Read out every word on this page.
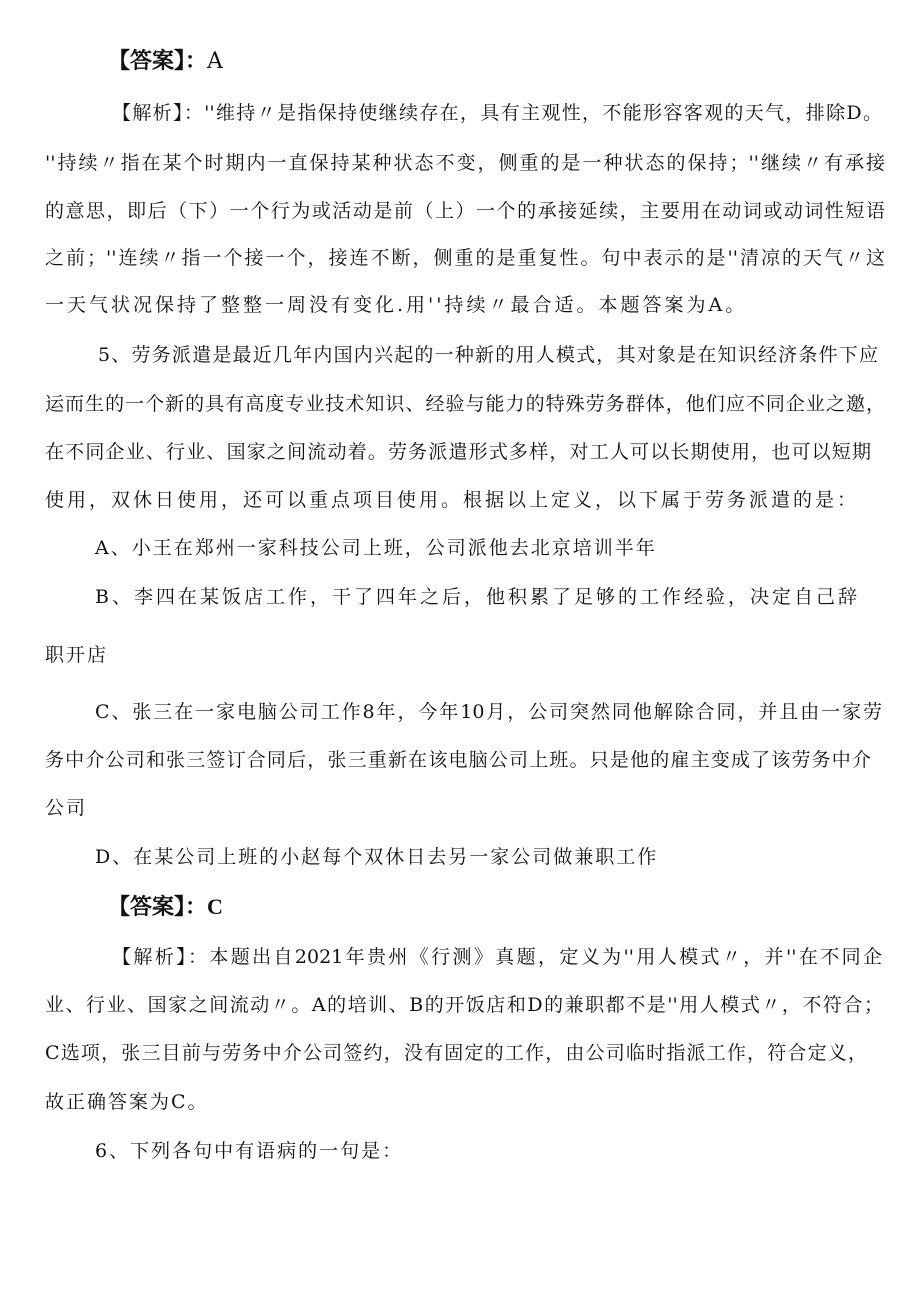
【答案】：A
【解析】：''维持〃是指保持使继续存在，具有主观性，不能形容客观的天气，排除D。
''持续〃指在某个时期内一直保持某种状态不变，侧重的是一种状态的保持；''继续〃有承接
的意思，即后（下）一个行为或活动是前（上）一个的承接延续，主要用在动词或动词性短语
之前；''连续〃指一个接一个，接连不断，侧重的是重复性。句中表示的是''清凉的天气〃这
一天气状况保持了整整一周没有变化.用''持续〃最合适。本题答案为A。
5、劳务派遣是最近几年内国内兴起的一种新的用人模式，其对象是在知识经济条件下应
运而生的一个新的具有高度专业技术知识、经验与能力的特殊劳务群体，他们应不同企业之邀，
在不同企业、行业、国家之间流动着。劳务派遣形式多样，对工人可以长期使用，也可以短期
使用，双休日使用，还可以重点项目使用。根据以上定义，以下属于劳务派遣的是：
A、小王在郑州一家科技公司上班，公司派他去北京培训半年
B、李四在某饭店工作，干了四年之后，他积累了足够的工作经验，决定自己辞
职开店
C、张三在一家电脑公司工作8年，今年10月，公司突然同他解除合同，并且由一家劳
务中介公司和张三签订合同后，张三重新在该电脑公司上班。只是他的雇主变成了该劳务中介
公司
D、在某公司上班的小赵每个双休日去另一家公司做兼职工作
【答案】：C
【解析】：本题出自2021年贵州《行测》真题，定义为''用人模式〃，并''在不同企
业、行业、国家之间流动〃。A的培训、B的开饭店和D的兼职都不是''用人模式〃，不符合；
C选项，张三目前与劳务中介公司签约，没有固定的工作，由公司临时指派工作，符合定义，
故正确答案为C。
6、下列各句中有语病的一句是：
